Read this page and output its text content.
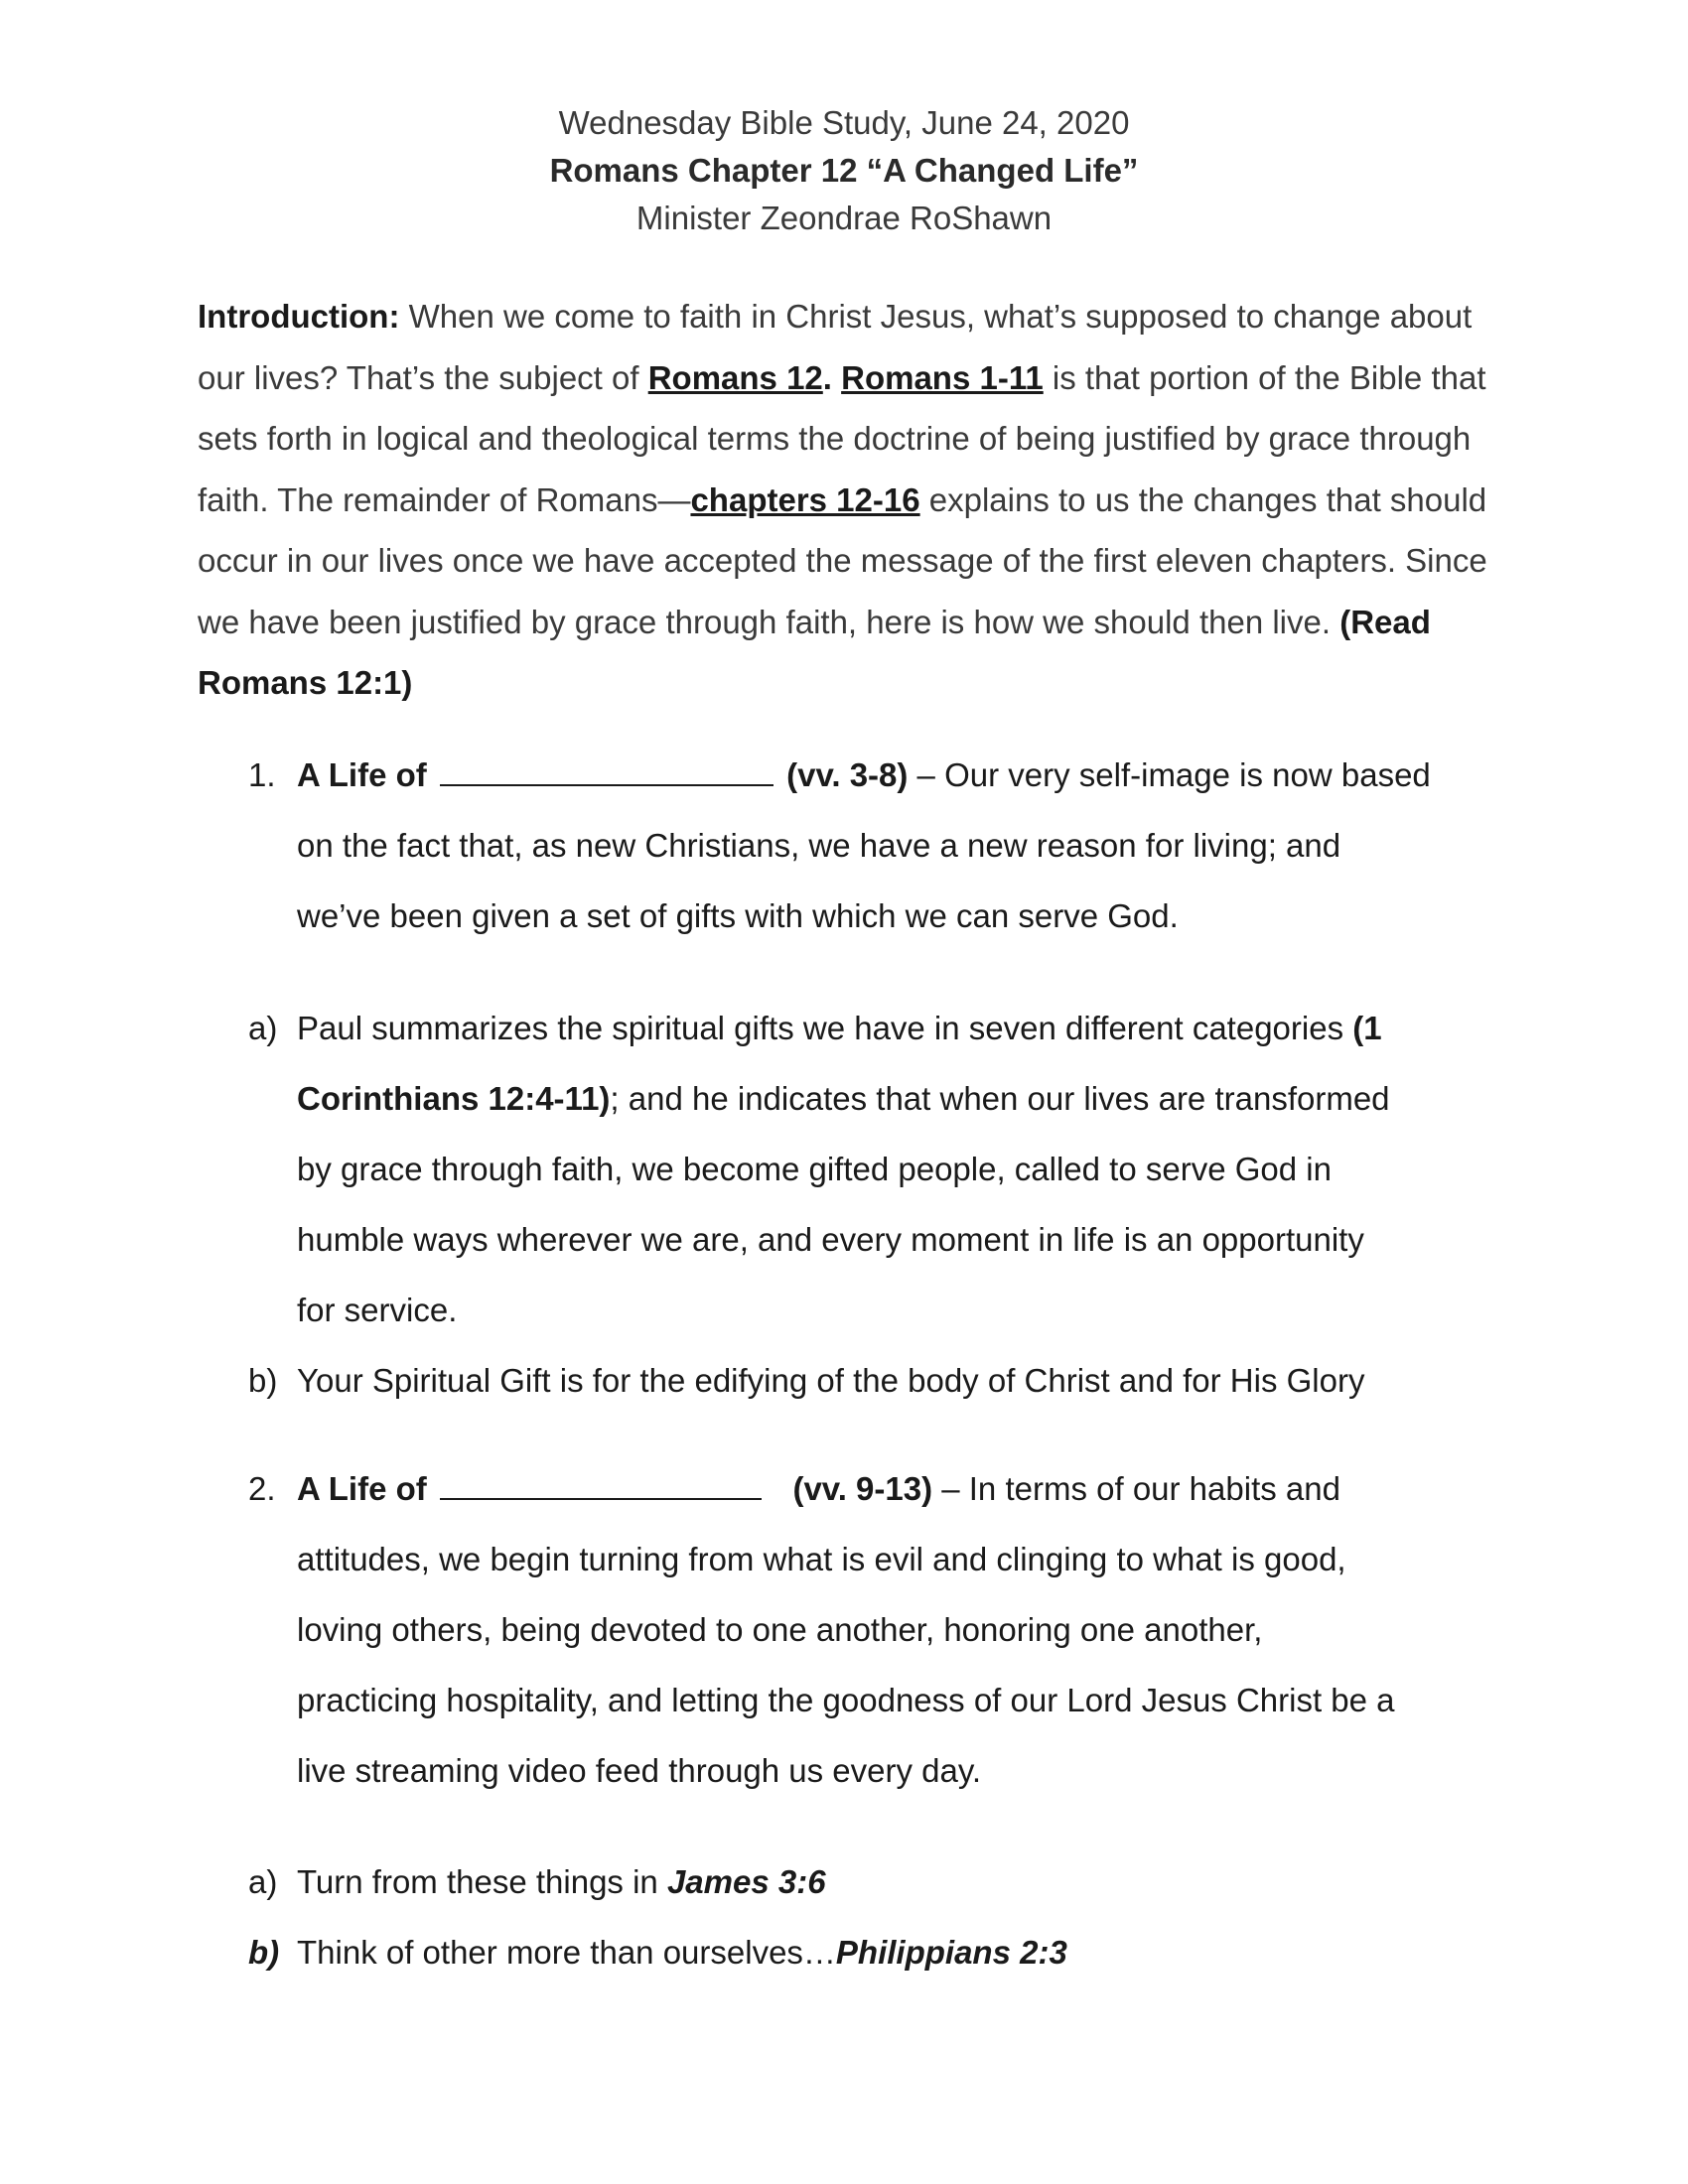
Wednesday Bible Study, June 24, 2020
Romans Chapter 12 “A Changed Life”
Minister Zeondrae RoShawn
Introduction: When we come to faith in Christ Jesus, what’s supposed to change about our lives? That’s the subject of Romans 12. Romans 1-11 is that portion of the Bible that sets forth in logical and theological terms the doctrine of being justified by grace through faith. The remainder of Romans—chapters 12-16 explains to us the changes that should occur in our lives once we have accepted the message of the first eleven chapters. Since we have been justified by grace through faith, here is how we should then live. (Read Romans 12:1)
1. A Life of	(vv. 3-8) – Our very self-image is now based
on the fact that, as new Christians, we have a new reason for living; and
we’ve been given a set of gifts with which we can serve God.
a) Paul summarizes the spiritual gifts we have in seven different categories (1
Corinthians 12:4-11); and he indicates that when our lives are transformed
by grace through faith, we become gifted people, called to serve God in
humble ways wherever we are, and every moment in life is an opportunity
for service.
b) Your Spiritual Gift is for the edifying of the body of Christ and for His Glory
2. A Life of	(vv. 9-13) – In terms of our habits and
attitudes, we begin turning from what is evil and clinging to what is good,
loving others, being devoted to one another, honoring one another,
practicing hospitality, and letting the goodness of our Lord Jesus Christ be a
live streaming video feed through us every day.
a) Turn from these things in James 3:6
b) Think of other more than ourselves…Philippians 2:3
